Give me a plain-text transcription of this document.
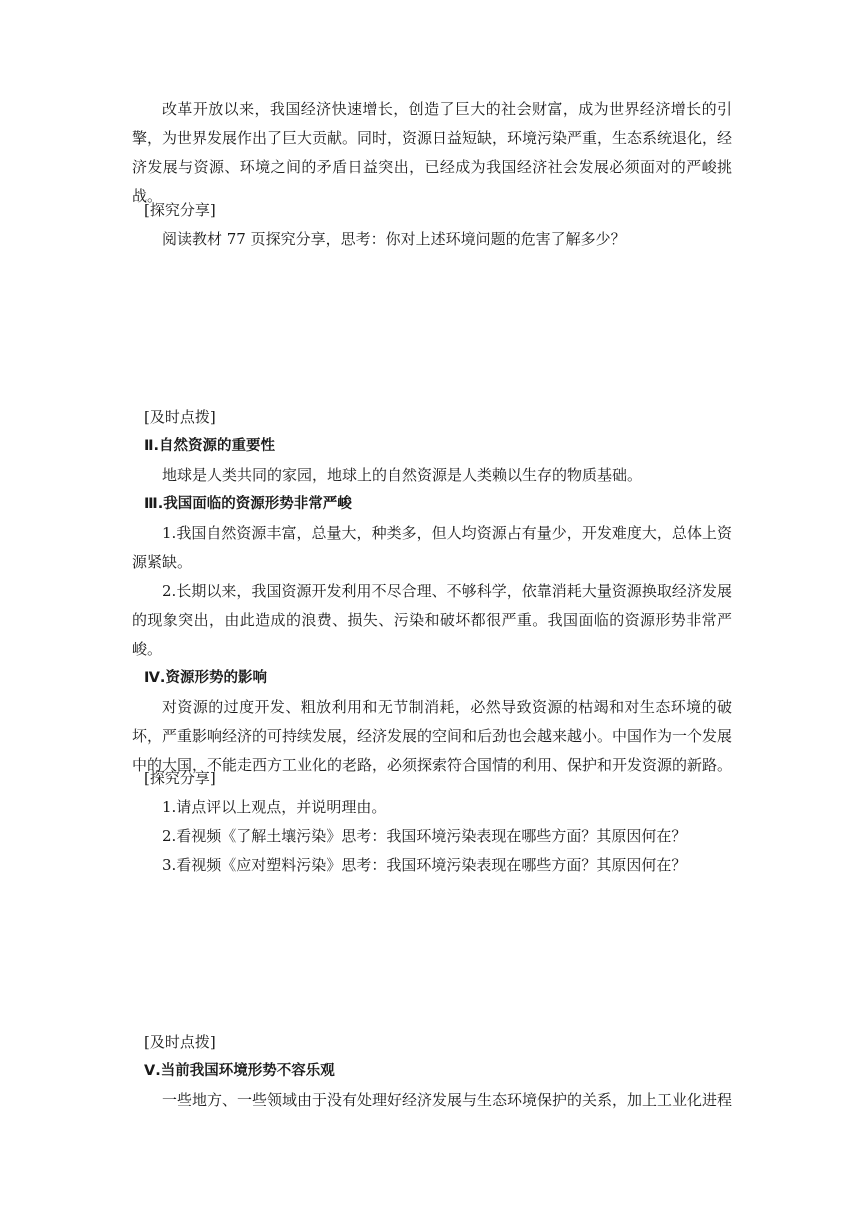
改革开放以来，我国经济快速增长，创造了巨大的社会财富，成为世界经济增长的引擎，为世界发展作出了巨大贡献。同时，资源日益短缺，环境污染严重，生态系统退化，经济发展与资源、环境之间的矛盾日益突出，已经成为我国经济社会发展必须面对的严峻挑战。

[探究分享]

阅读教材 77 页探究分享，思考：你对上述环境问题的危害了解多少？

[及时点拨]

Ⅱ.自然资源的重要性

地球是人类共同的家园，地球上的自然资源是人类赖以生存的物质基础。

Ⅲ.我国面临的资源形势非常严峻

1.我国自然资源丰富，总量大，种类多，但人均资源占有量少，开发难度大，总体上资源紧缺。

2.长期以来，我国资源开发利用不尽合理、不够科学，依靠消耗大量资源换取经济发展的现象突出，由此造成的浪费、损失、污染和破坏都很严重。我国面临的资源形势非常严峻。

Ⅳ.资源形势的影响

对资源的过度开发、粗放利用和无节制消耗，必然导致资源的枯竭和对生态环境的破坏，严重影响经济的可持续发展，经济发展的空间和后劲也会越来越小。中国作为一个发展中的大国，不能走西方工业化的老路，必须探索符合国情的利用、保护和开发资源的新路。

[探究分享]

1.请点评以上观点，并说明理由。

2.看视频《了解土壤污染》思考：我国环境污染表现在哪些方面？其原因何在？

3.看视频《应对塑料污染》思考：我国环境污染表现在哪些方面？其原因何在？

[及时点拨]

Ⅴ.当前我国环境形势不容乐观

一些地方、一些领域由于没有处理好经济发展与生态环境保护的关系，加上工业化进程
